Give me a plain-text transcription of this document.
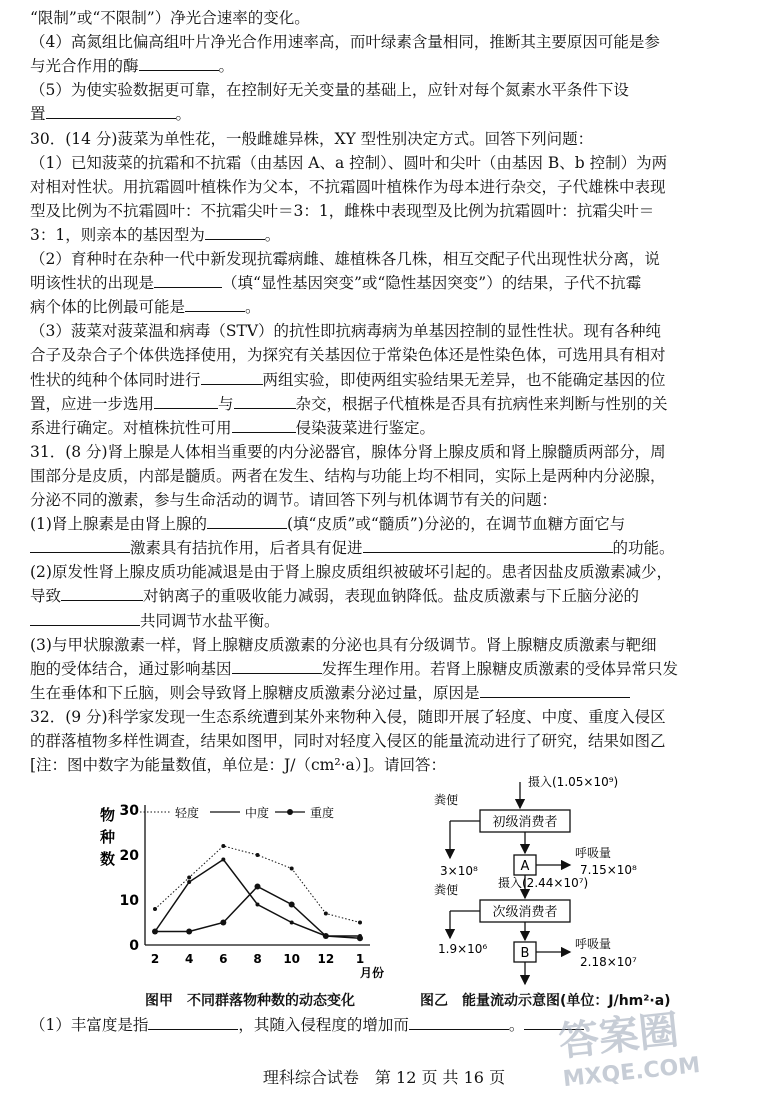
“限制”或“不限制”）净光合速率的变化。
（4）高氮组比偏高组叶片净光合作用速率高，而叶绿素含量相同，推断其主要原因可能是参
与光合作用的酶	。
（5）为使实验数据更可靠，在控制好无关变量的基础上，应针对每个氮素水平条件下设
置	。
30．(14 分)菠菜为单性花，一般雌雄异株，XY 型性别决定方式。回答下列问题：
（1）已知菠菜的抗霜和不抗霜（由基因 A、a 控制）、圆叶和尖叶（由基因 B、b 控制）为两
对相对性状。用抗霜圆叶植株作为父本，不抗霜圆叶植株作为母本进行杂交，子代雄株中表现
型及比例为不抗霜圆叶：不抗霜尖叶＝3：1，雌株中表现型及比例为抗霜圆叶：抗霜尖叶＝
3：1，则亲本的基因型为	。
（2）育种时在杂种一代中新发现抗霉病雌、雄植株各几株，相互交配子代出现性状分离，说
明该性状的出现是	（填“显性基因突变”或“隐性基因突变”）的结果，子代不抗霉
病个体的比例最可能是	。
（3）菠菜对菠菜温和病毒（STV）的抗性即抗病毒病为单基因控制的显性性状。现有各种纯
合子及杂合子个体供选择使用，为探究有关基因位于常染色体还是性染色体，可选用具有相对
性状的纯种个体同时进行	两组实验，即使两组实验结果无差异，也不能确定基因的位
置，应进一步选用	与	杂交，根据子代植株是否具有抗病性来判断与性别的关
系进行确定。对植株抗性可用	侵染菠菜进行鉴定。
31．(8 分)肾上腺是人体相当重要的内分泌器官，腺体分肾上腺皮质和肾上腺髓质两部分，周
围部分是皮质，内部是髓质。两者在发生、结构与功能上均不相同，实际上是两种内分泌腺，
分泌不同的激素，参与生命活动的调节。请回答下列与机体调节有关的问题：
(1)肾上腺素是由肾上腺的	(填“皮质”或“髓质”)分泌的，在调节血糖方面它与
激素具有拮抗作用，后者具有促进	的功能。
(2)原发性肾上腺皮质功能减退是由于肾上腺皮质组织被破坏引起的。患者因盐皮质激素减少，
导致	对钠离子的重吸收能力减弱，表现血钠降低。盐皮质激素与下丘脑分泌的
共同调节水盐平衡。
(3)与甲状腺激素一样，肾上腺糖皮质激素的分泌也具有分级调节。肾上腺糖皮质激素与靶细
胞的受体结合，通过影响基因	发挥生理作用。若肾上腺糖皮质激素的受体异常只发
生在垂体和下丘脑，则会导致肾上腺糖皮质激素分泌过量，原因是
32．(9 分)科学家发现一生态系统遭到某外来物种入侵，随即开展了轻度、中度、重度入侵区
的群落植物多样性调查，结果如图甲，同时对轻度入侵区的能量流动进行了研究，结果如图乙
[注：图中数字为能量数值，单位是：J/（cm²·a）]。请回答：
（1）丰富度是指	，其随入侵程度的增加而	。
物
种
数
0
10
20
30
2 4 6 8 10 12 1
月份
轻度	中度	重度
图甲　不同群落物种数的动态变化
摄入(1.05×10⁹)
初级消费者
粪便
3×10⁸	A
呼吸量
7.15×10⁸
摄入(2.44×10⁷)
次级消费者
粪便
1.9×10⁶	B
呼吸量
2.18×10⁷
图乙　能量流动示意图(单位：J/hm²·a)
答案圈
MXQE.COM
理科综合试卷　第 12 页 共 16 页
